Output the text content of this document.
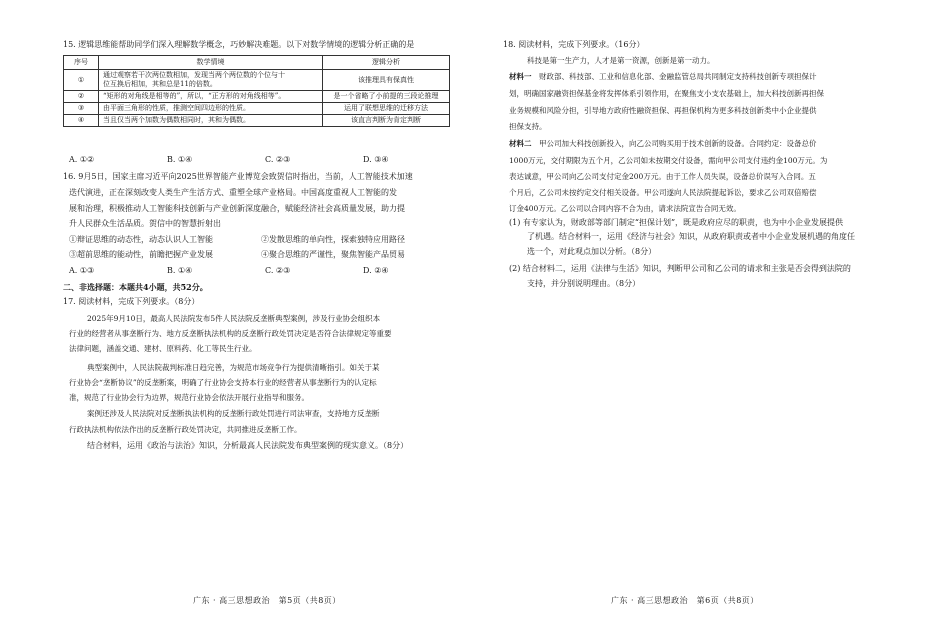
15. 逻辑思维能帮助同学们深入理解数学概念，巧妙解决难题。以下对数学情境的逻辑分析正确的是
序号	数学情境	逻辑分析
①	通过观察若干次两位数相加，发现当两个两位数的个位与十
位互换后相加，其和总是11的倍数。	该推理具有保真性
②	“矩形的对角线是相等的”，所以，“正方形的对角线相等”。	是一个省略了小前提的三段论推理
③	由平面三角形的性质，推测空间四边形的性质。	运用了联想思维的迁移方法
④	当且仅当两个加数为偶数相同时，其和为偶数。	该直言判断为肯定判断
A. ①②	B. ①④	C. ②③	D. ③④
16. 9月5日，国家主席习近平向2025世界智能产业博览会致贺信时指出，当前，人工智能技术加速
迭代演进，正在深刻改变人类生产生活方式、重塑全球产业格局。中国高度重视人工智能的发
展和治理，积极推动人工智能科技创新与产业创新深度融合，赋能经济社会高质量发展，助力提
升人民群众生活品质。贺信中的智慧折射出
①辩证思维的动态性，动态认识人工智能	②发散思维的单向性，探索独特应用路径
③超前思维的能动性，前瞻把握产业发展	④聚合思维的严谨性，聚焦智能产品贸易
A. ①③	B. ①④	C. ②③	D. ②④
二、非选择题：本题共4小题，共52分。
17. 阅读材料，完成下列要求。（8分）
2025年9月10日，最高人民法院发布5件人民法院反垄断典型案例，涉及行业协会组织本
行业的经营者从事垄断行为、地方反垄断执法机构的反垄断行政处罚决定是否符合法律规定等重要
法律问题，涵盖交通、建材、原料药、化工等民生行业。
典型案例中，人民法院裁判标准日趋完善，为规范市场竞争行为提供清晰指引。如关于某
行业协会“垄断协议”的反垄断案，明确了行业协会支持本行业的经营者从事垄断行为的认定标
准，规范了行业协会行为边界，规范行业协会依法开展行业指导和服务。
案例还涉及人民法院对反垄断执法机构的反垄断行政处罚进行司法审查，支持地方反垄断
行政执法机构依法作出的反垄断行政处罚决定，共同推进反垄断工作。
结合材料，运用《政治与法治》知识，分析最高人民法院发布典型案例的现实意义。（8分）
广东 · 高三思想政治　第5页（共8页）
18. 阅读材料，完成下列要求。（16分）
科技是第一生产力，人才是第一资源，创新是第一动力。
材料一　 财政部、科技部、工业和信息化部、金融监管总局共同制定支持科技创新专项担保计
划，明确国家融资担保基金将发挥体系引领作用，在聚焦支小支农基础上，加大科技创新再担保
业务规模和风险分担，引导地方政府性融资担保、再担保机构为更多科技创新类中小企业提供
担保支持。
材料二　 甲公司加大科技创新投入，向乙公司购买用于技术创新的设备。合同约定：设备总价
1000万元，交付期限为五个月，乙公司如未按期交付设备，需向甲公司支付违约金100万元。为
表达诚意，甲公司向乙公司支付定金200万元。由于工作人员失误，设备总价误写入合同。五
个月后，乙公司未按约定交付相关设备。甲公司遂向人民法院提起诉讼，要求乙公司双倍赔偿
订金400万元。乙公司以合同内容不合为由，请求法院宣告合同无效。
(1) 有专家认为，财政部等部门制定“担保计划”，既是政府应尽的职责，也为中小企业发展提供
了机遇。结合材料一，运用《经济与社会》知识，从政府职责或者中小企业发展机遇的角度任
选一个，对此观点加以分析。（8分）
(2) 结合材料二，运用《法律与生活》知识，判断甲公司和乙公司的请求和主张是否会得到法院的
支持，并分别说明理由。（8分）
广东 · 高三思想政治　第6页（共8页）
